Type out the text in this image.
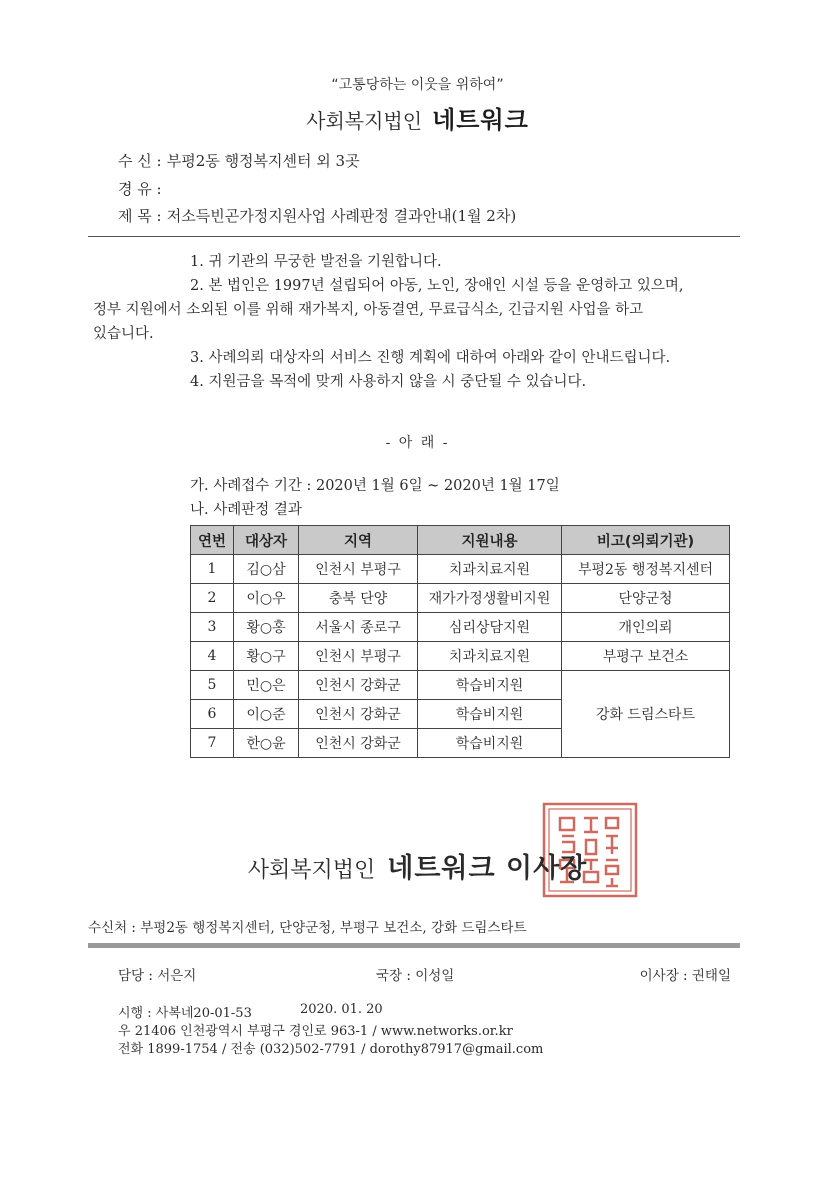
“고통당하는 이웃을 위하여”
사회복지법인 네트워크
수 신 : 부평2동 행정복지센터 외 3곳
경 유 :
제 목 : 저소득빈곤가정지원사업 사례판정 결과안내(1월 2차)
1. 귀 기관의 무궁한 발전을 기원합니다.
2. 본 법인은 1997년 설립되어 아동, 노인, 장애인 시설 등을 운영하고 있으며,
정부 지원에서 소외된 이를 위해 재가복지, 아동결연, 무료급식소, 긴급지원 사업을 하고
있습니다.
3. 사례의뢰 대상자의 서비스 진행 계획에 대하여 아래와 같이 안내드립니다.
4. 지원금을 목적에 맞게 사용하지 않을 시 중단될 수 있습니다.
- 아 래 -
가. 사례접수 기간 : 2020년 1월 6일 ~ 2020년 1월 17일
나. 사례판정 결과
연번	대상자	지역	지원내용	비고(의뢰기관)
1	김○삼	인천시 부평구	치과치료지원	부평2동 행정복지센터
2	이○우	충북 단양	재가가정생활비지원	단양군청
3	황○홍	서울시 종로구	심리상담지원	개인의뢰
4	황○구	인천시 부평구	치과치료지원	부평구 보건소
5	민○은	인천시 강화군	학습비지원	강화 드림스타트
6	이○준	인천시 강화군	학습비지원	
7	한○윤	인천시 강화군	학습비지원	
사회복지법인 네트워크 이사장
수신처 : 부평2동 행정복지센터, 단양군청, 부평구 보건소, 강화 드림스타트
담당 : 서은지	국장 : 이성일	이사장 : 권태일
시행 : 사복네20-01-53	2020. 01. 20
우 21406 인천광역시 부평구 경인로 963-1 / www.networks.or.kr
전화 1899-1754 / 전송 (032)502-7791 / dorothy87917@gmail.com
